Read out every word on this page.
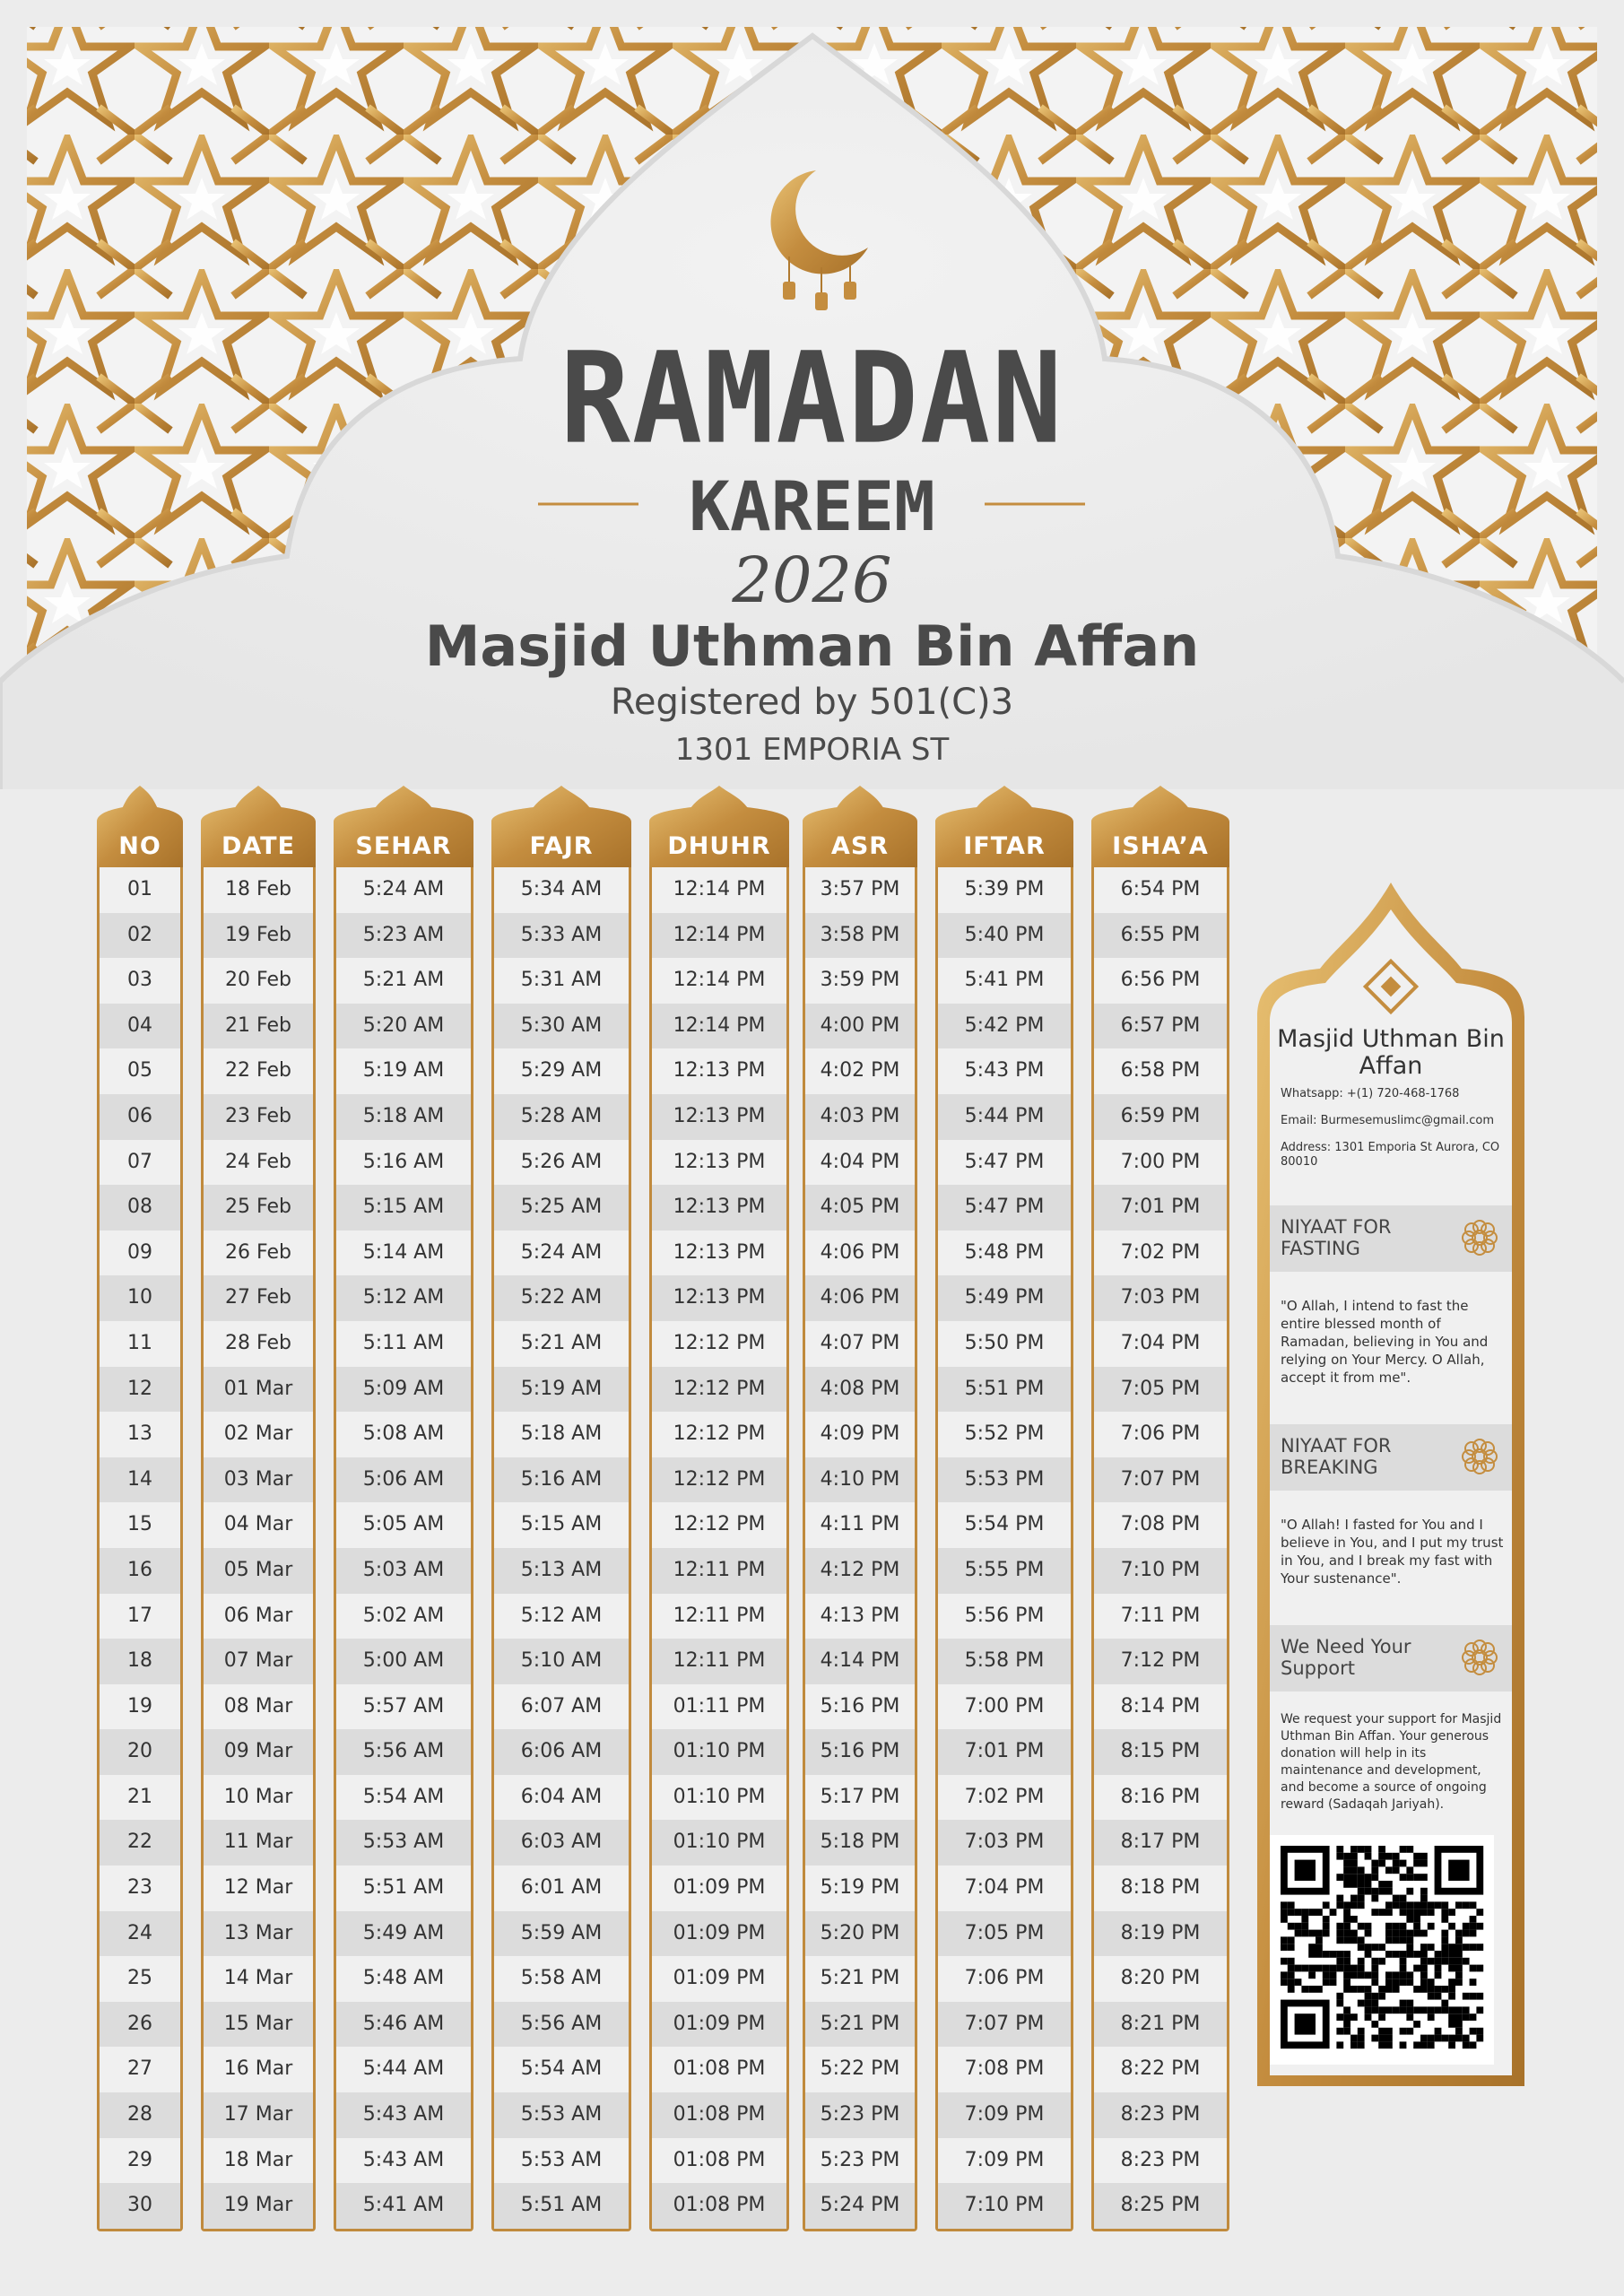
RAMADAN
KAREEM
2026
Masjid Uthman Bin Affan
Registered by 501(C)3
1301 EMPORIA ST
NO
01
02
03
04
05
06
07
08
09
10
11
12
13
14
15
16
17
18
19
20
21
22
23
24
25
26
27
28
29
30
DATE
18 Feb
19 Feb
20 Feb
21 Feb
22 Feb
23 Feb
24 Feb
25 Feb
26 Feb
27 Feb
28 Feb
01 Mar
02 Mar
03 Mar
04 Mar
05 Mar
06 Mar
07 Mar
08 Mar
09 Mar
10 Mar
11 Mar
12 Mar
13 Mar
14 Mar
15 Mar
16 Mar
17 Mar
18 Mar
19 Mar
SEHAR
5:24 AM
5:23 AM
5:21 AM
5:20 AM
5:19 AM
5:18 AM
5:16 AM
5:15 AM
5:14 AM
5:12 AM
5:11 AM
5:09 AM
5:08 AM
5:06 AM
5:05 AM
5:03 AM
5:02 AM
5:00 AM
5:57 AM
5:56 AM
5:54 AM
5:53 AM
5:51 AM
5:49 AM
5:48 AM
5:46 AM
5:44 AM
5:43 AM
5:43 AM
5:41 AM
FAJR
5:34 AM
5:33 AM
5:31 AM
5:30 AM
5:29 AM
5:28 AM
5:26 AM
5:25 AM
5:24 AM
5:22 AM
5:21 AM
5:19 AM
5:18 AM
5:16 AM
5:15 AM
5:13 AM
5:12 AM
5:10 AM
6:07 AM
6:06 AM
6:04 AM
6:03 AM
6:01 AM
5:59 AM
5:58 AM
5:56 AM
5:54 AM
5:53 AM
5:53 AM
5:51 AM
DHUHR
12:14 PM
12:14 PM
12:14 PM
12:14 PM
12:13 PM
12:13 PM
12:13 PM
12:13 PM
12:13 PM
12:13 PM
12:12 PM
12:12 PM
12:12 PM
12:12 PM
12:12 PM
12:11 PM
12:11 PM
12:11 PM
01:11 PM
01:10 PM
01:10 PM
01:10 PM
01:09 PM
01:09 PM
01:09 PM
01:09 PM
01:08 PM
01:08 PM
01:08 PM
01:08 PM
ASR
3:57 PM
3:58 PM
3:59 PM
4:00 PM
4:02 PM
4:03 PM
4:04 PM
4:05 PM
4:06 PM
4:06 PM
4:07 PM
4:08 PM
4:09 PM
4:10 PM
4:11 PM
4:12 PM
4:13 PM
4:14 PM
5:16 PM
5:16 PM
5:17 PM
5:18 PM
5:19 PM
5:20 PM
5:21 PM
5:21 PM
5:22 PM
5:23 PM
5:23 PM
5:24 PM
IFTAR
5:39 PM
5:40 PM
5:41 PM
5:42 PM
5:43 PM
5:44 PM
5:47 PM
5:47 PM
5:48 PM
5:49 PM
5:50 PM
5:51 PM
5:52 PM
5:53 PM
5:54 PM
5:55 PM
5:56 PM
5:58 PM
7:00 PM
7:01 PM
7:02 PM
7:03 PM
7:04 PM
7:05 PM
7:06 PM
7:07 PM
7:08 PM
7:09 PM
7:09 PM
7:10 PM
ISHA’A
6:54 PM
6:55 PM
6:56 PM
6:57 PM
6:58 PM
6:59 PM
7:00 PM
7:01 PM
7:02 PM
7:03 PM
7:04 PM
7:05 PM
7:06 PM
7:07 PM
7:08 PM
7:10 PM
7:11 PM
7:12 PM
8:14 PM
8:15 PM
8:16 PM
8:17 PM
8:18 PM
8:19 PM
8:20 PM
8:21 PM
8:22 PM
8:23 PM
8:23 PM
8:25 PM
Masjid Uthman Bin Affan
Whatsapp: +(1) 720-468-1768
Email: Burmesemuslimc@gmail.com
Address: 1301 Emporia St Aurora, CO 80010
NIYAAT FOR FASTING
"O Allah, I intend to fast the entire blessed month of Ramadan, believing in You and relying on Your Mercy. O Allah, accept it from me".
NIYAAT FOR BREAKING
"O Allah! I fasted for You and I believe in You, and I put my trust in You, and I break my fast with Your sustenance".
We Need Your Support
We request your support for Masjid Uthman Bin Affan. Your generous donation will help in its maintenance and development, and become a source of ongoing reward (Sadaqah Jariyah).
